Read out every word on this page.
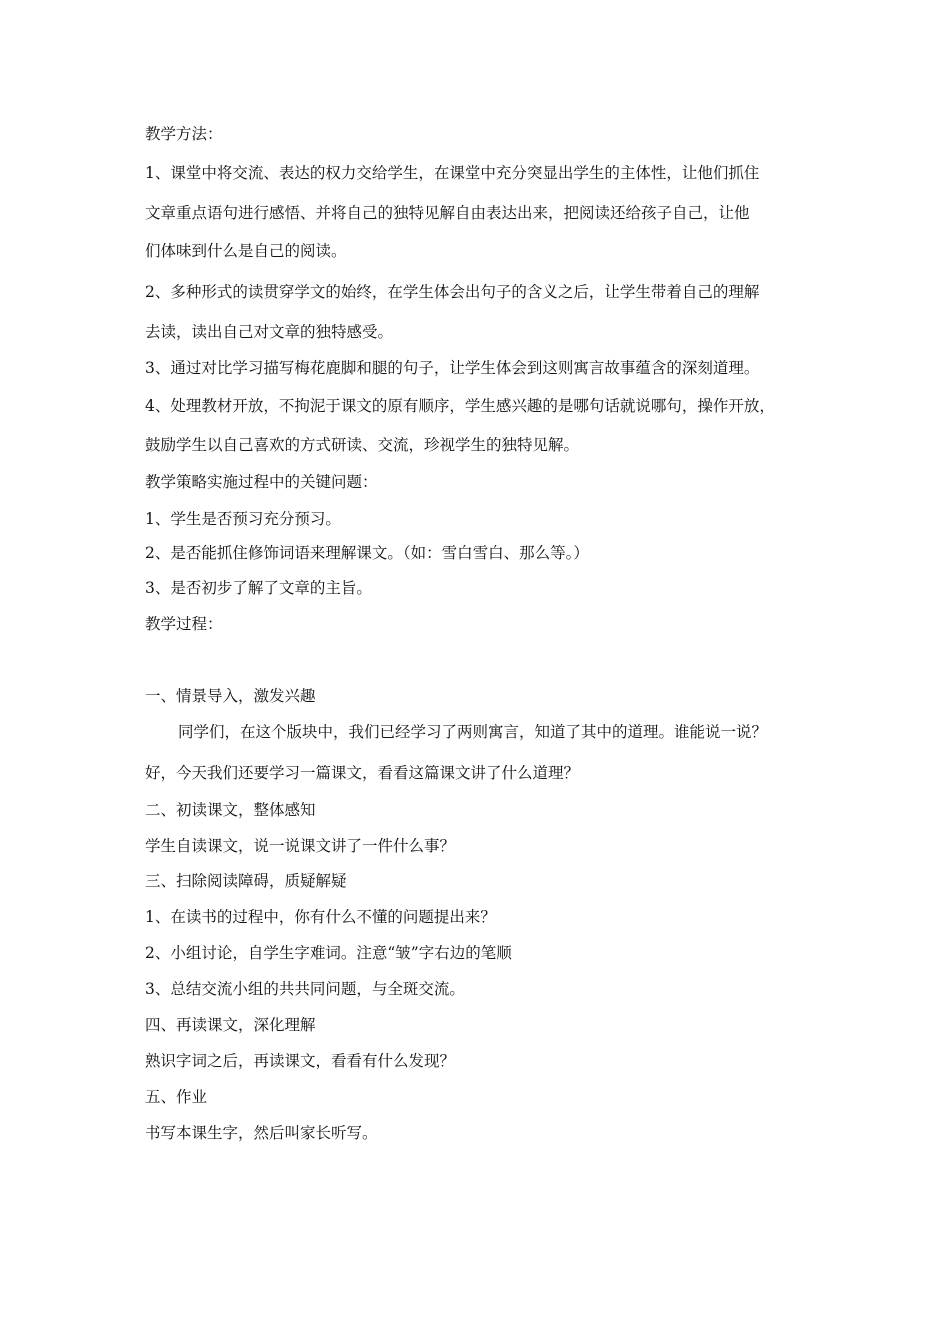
教学方法：
1、课堂中将交流、表达的权力交给学生，在课堂中充分突显出学生的主体性，让他们抓住
文章重点语句进行感悟、并将自己的独特见解自由表达出来，把阅读还给孩子自己，让他
们体味到什么是自己的阅读。
2、多种形式的读贯穿学文的始终，在学生体会出句子的含义之后，让学生带着自己的理解
去读，读出自己对文章的独特感受。
3、通过对比学习描写梅花鹿脚和腿的句子，让学生体会到这则寓言故事蕴含的深刻道理。
4、处理教材开放，不拘泥于课文的原有顺序，学生感兴趣的是哪句话就说哪句，操作开放，
鼓励学生以自己喜欢的方式研读、交流，珍视学生的独特见解。
教学策略实施过程中的关键问题：
1、学生是否预习充分预习。
2、是否能抓住修饰词语来理解课文。（如：雪白雪白、那么等。）
3、是否初步了解了文章的主旨。
教学过程：
一、情景导入，激发兴趣
同学们，在这个版块中，我们已经学习了两则寓言，知道了其中的道理。谁能说一说？
好，今天我们还要学习一篇课文，看看这篇课文讲了什么道理？
二、初读课文，整体感知
学生自读课文，说一说课文讲了一件什么事？
三、扫除阅读障碍，质疑解疑
1、在读书的过程中，你有什么不懂的问题提出来？
2、小组讨论，自学生字难词。注意“皱”字右边的笔顺
3、总结交流小组的共共同问题，与全斑交流。
四、再读课文，深化理解
熟识字词之后，再读课文，看看有什么发现？
五、作业
书写本课生字，然后叫家长听写。
